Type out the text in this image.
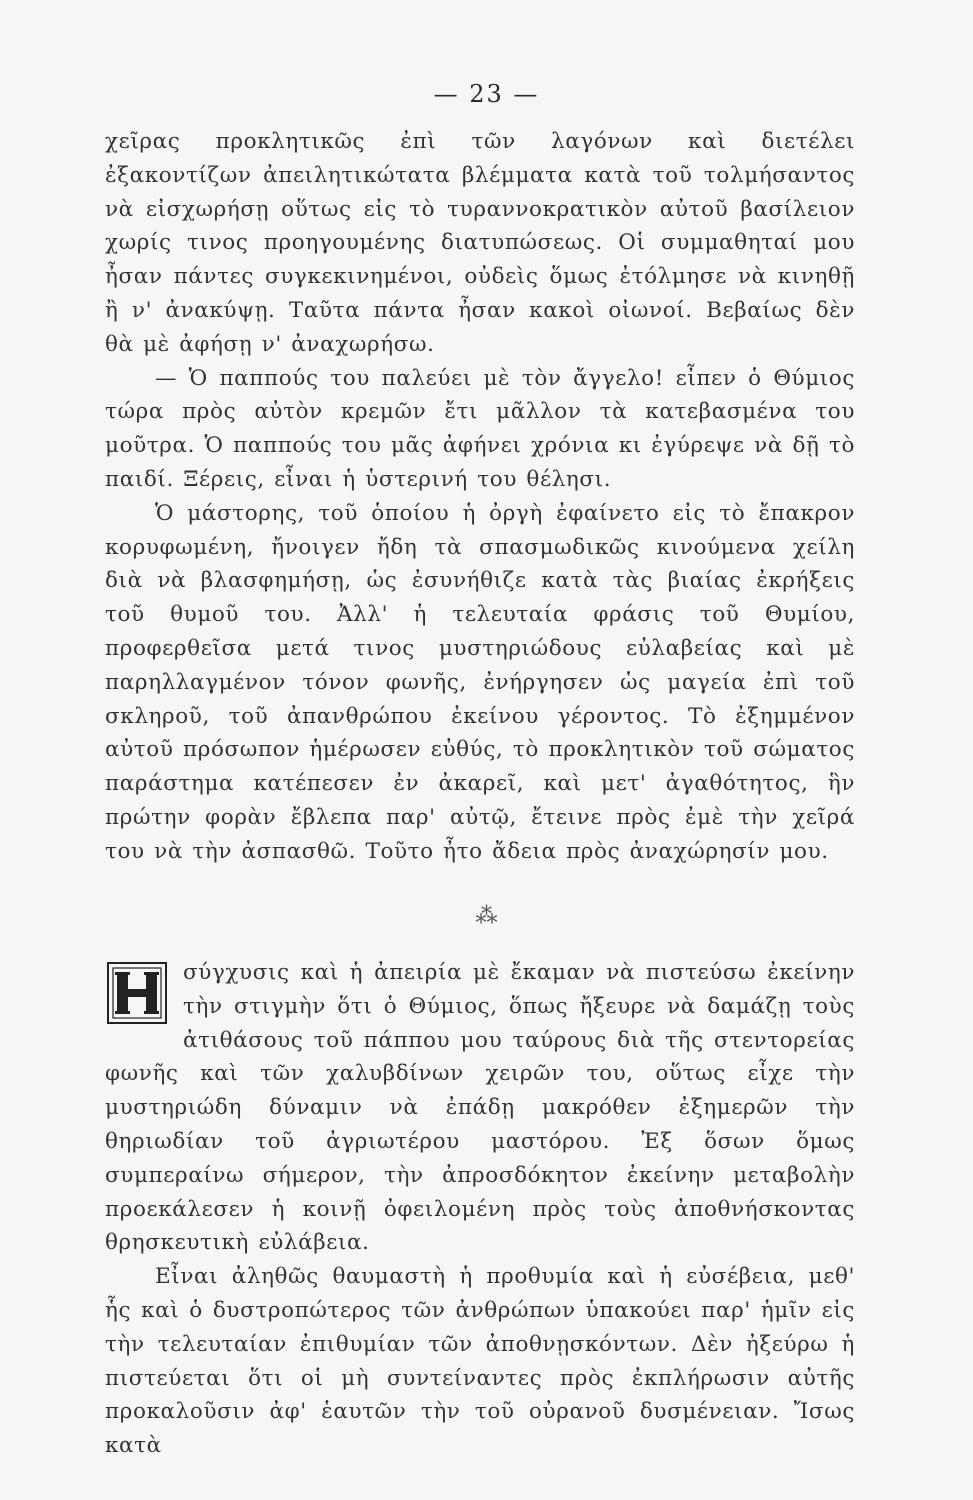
— 23 —

χεῖρας προκλητικῶς ἐπὶ τῶν λαγόνων καὶ διετέλει ἐξακοντίζων ἀπειλητικώτατα βλέμματα κατὰ τοῦ τολμήσαντος νὰ εἰσχωρήσῃ οὕτως εἰς τὸ τυραννοκρατικὸν αὐτοῦ βασίλειον χωρίς τινος προηγουμένης διατυπώσεως. Οἱ συμμαθηταί μου ἦσαν πάντες συγκεκινημένοι, οὐδεὶς ὅμως ἐτόλμησε νὰ κινηθῇ ἢ ν' ἀνακύψῃ. Ταῦτα πάντα ἦσαν κακοὶ οἰωνοί. Βεβαίως δὲν θὰ μὲ ἀφήσῃ ν' ἀναχωρήσω.

— Ὁ παππούς του παλεύει μὲ τὸν ἄγγελο! εἶπεν ὁ Θύμιος τώρα πρὸς αὐτὸν κρεμῶν ἔτι μᾶλλον τὰ κατεβασμένα του μοῦτρα. Ὁ παππούς του μᾶς ἀφήνει χρόνια κι ἐγύρεψε νὰ δῇ τὸ παιδί. Ξέρεις, εἶναι ἡ ὑστερινή του θέλησι.

Ὁ μάστορης, τοῦ ὁποίου ἡ ὀργὴ ἐφαίνετο εἰς τὸ ἔπακρον κορυφωμένη, ἤνοιγεν ἤδη τὰ σπασμωδικῶς κινούμενα χείλη διὰ νὰ βλασφημήσῃ, ὡς ἐσυνήθιζε κατὰ τὰς βιαίας ἐκρήξεις τοῦ θυμοῦ του. Ἀλλ' ἡ τελευταία φράσις τοῦ Θυμίου, προφερθεῖσα μετά τινος μυστηριώδους εὐλαβείας καὶ μὲ παρηλλαγμένον τόνον φωνῆς, ἐνήργησεν ὡς μαγεία ἐπὶ τοῦ σκληροῦ, τοῦ ἀπανθρώπου ἐκείνου γέροντος. Τὸ ἐξημμένον αὐτοῦ πρόσωπον ἡμέρωσεν εὐθύς, τὸ προκλητικὸν τοῦ σώματος παράστημα κατέπεσεν ἐν ἀκαρεῖ, καὶ μετ' ἀγαθότητος, ἣν πρώτην φορὰν ἔβλεπα παρ' αὐτῷ, ἔτεινε πρὸς ἐμὲ τὴν χεῖρά του νὰ τὴν ἀσπασθῶ. Τοῦτο ἦτο ἄδεια πρὸς ἀναχώρησίν μου.

⁂

σύγχυσις καὶ ἡ ἀπειρία μὲ ἔκαμαν νὰ πιστεύσω ἐκείνην τὴν στιγμὴν ὅτι ὁ Θύμιος, ὅπως ἤξευρε νὰ δαμάζῃ τοὺς ἀτιθάσους τοῦ πάππου μου ταύρους διὰ τῆς στεντορείας φωνῆς καὶ τῶν χαλυβδίνων χειρῶν του, οὕτως εἶχε τὴν μυστηριώδη δύναμιν νὰ ἐπάδῃ μακρόθεν ἐξημερῶν τὴν θηριωδίαν τοῦ ἀγριωτέρου μαστόρου. Ἐξ ὅσων ὅμως συμπεραίνω σήμερον, τὴν ἀπροσδόκητον ἐκείνην μεταβολὴν προεκάλεσεν ἡ κοινῇ ὀφειλομένη πρὸς τοὺς ἀποθνήσκοντας θρησκευτικὴ εὐλάβεια.

Εἶναι ἀληθῶς θαυμαστὴ ἡ προθυμία καὶ ἡ εὐσέβεια, μεθ' ἧς καὶ ὁ δυστροπώτερος τῶν ἀνθρώπων ὑπακούει παρ' ἡμῖν εἰς τὴν τελευταίαν ἐπιθυμίαν τῶν ἀποθνῃσκόντων. Δὲν ἠξεύρω ἡ πιστεύεται ὅτι οἱ μὴ συντείναντες πρὸς ἐκπλήρωσιν αὐτῆς προκαλοῦσιν ἀφ' ἑαυτῶν τὴν τοῦ οὐρανοῦ δυσμένειαν. Ἴσως κατὰ
